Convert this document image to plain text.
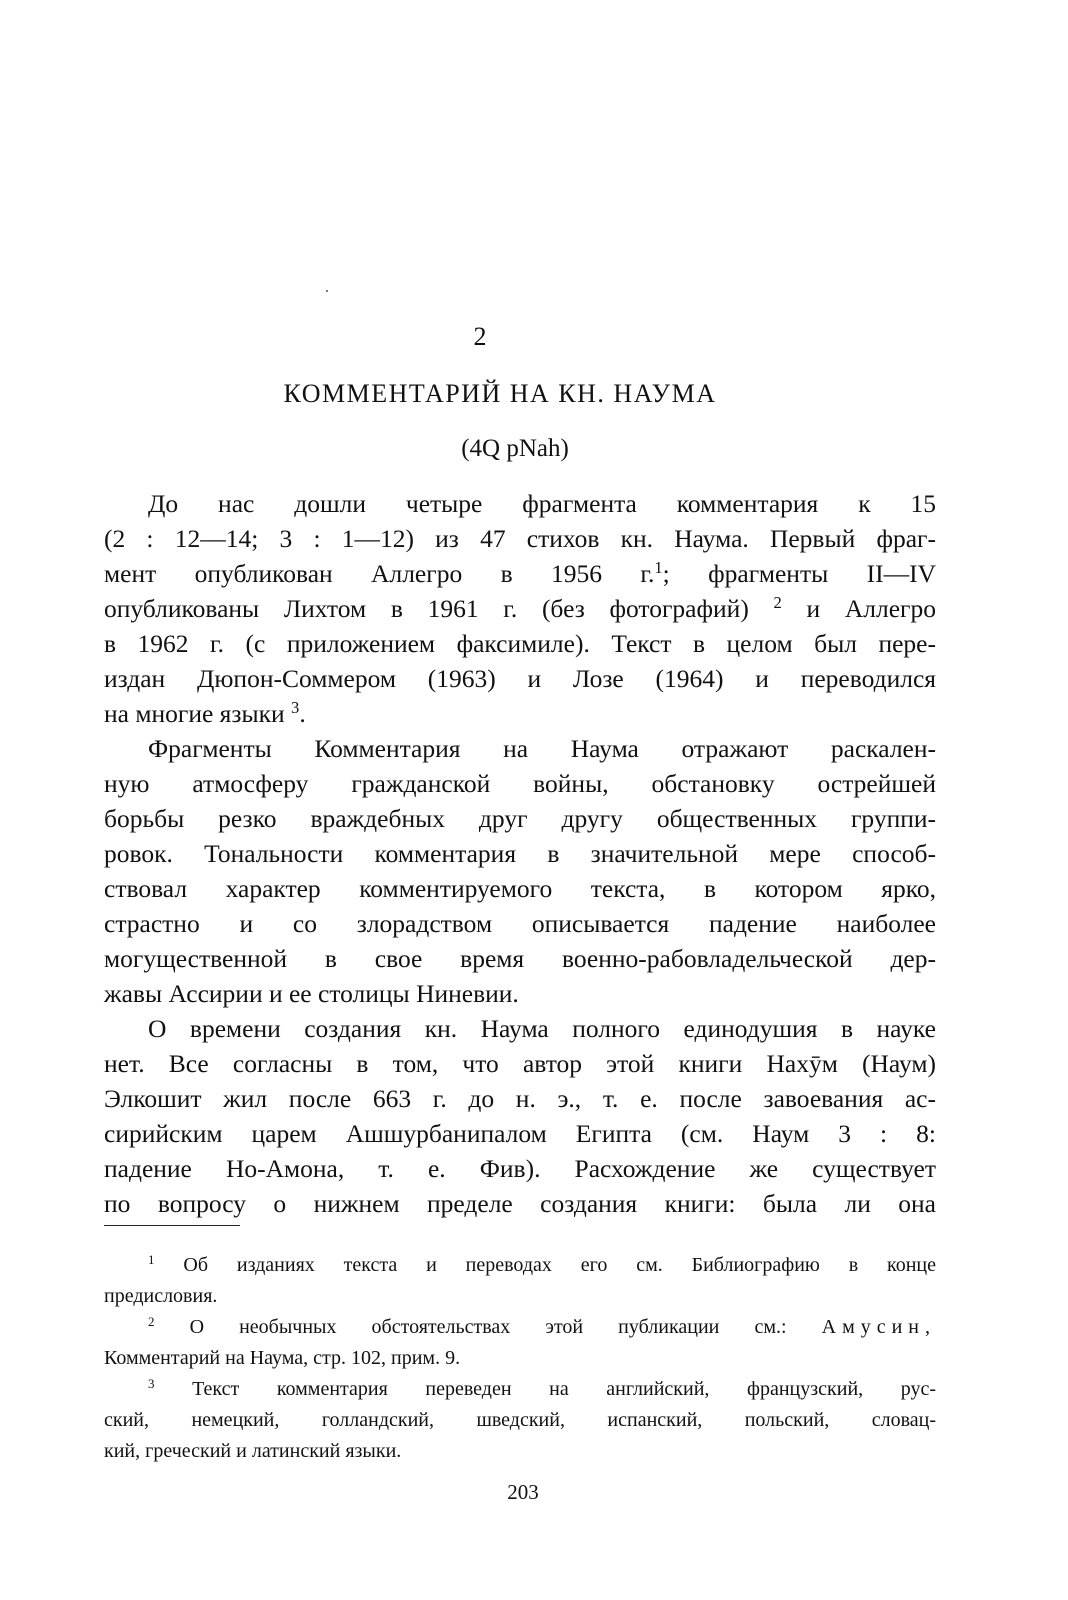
2
КОММЕНТАРИЙ НА КН. НАУМА
(4Q pNah)
До нас дошли четыре фрагмента комментария к 15
(2 : 12—14; 3 : 1—12) из 47 стихов кн. Наума. Первый фраг-
мент опубликован Аллегро в 1956 г.$^1$; фрагменты II—IV
опубликованы Лихтом в 1961 г. (без фотографий) $^2$ и Аллегро
в 1962 г. (с приложением факсимиле). Текст в целом был пере-
издан Дюпон-Соммером (1963) и Лозе (1964) и переводился
на многие языки $^3$.
Фрагменты Комментария на Наума отражают раскален-
ную атмосферу гражданской войны, обстановку острейшей
борьбы резко враждебных друг другу общественных группи-
ровок. Тональности комментария в значительной мере способ-
ствовал характер комментируемого текста, в котором ярко,
страстно и со злорадством описывается падение наиболее
могущественной в свое время военно-рабовладельческой дер-
жавы Ассирии и ее столицы Ниневии.
О времени создания кн. Наума полного единодушия в науке
нет. Все согласны в том, что автор этой книги Нахӯм (Наум)
Элкошит жил после 663 г. до н. э., т. е. после завоевания ас-
сирийским царем Ашшурбанипалом Египта (см. Наум 3 : 8:
падение Но-Амона, т. е. Фив). Расхождение же существует
по вопросу о нижнем пределе создания книги: была ли она
$^1$ Об изданиях текста и переводах его см. Библиографию в конце
предисловия.
$^2$ О необычных обстоятельствах этой публикации см.: Амусин,
Комментарий на Наума, стр. 102, прим. 9.
$^3$ Текст комментария переведен на английский, французский, рус-
ский, немецкий, голландский, шведский, испанский, польский, словац-
кий, греческий и латинский языки.
203
